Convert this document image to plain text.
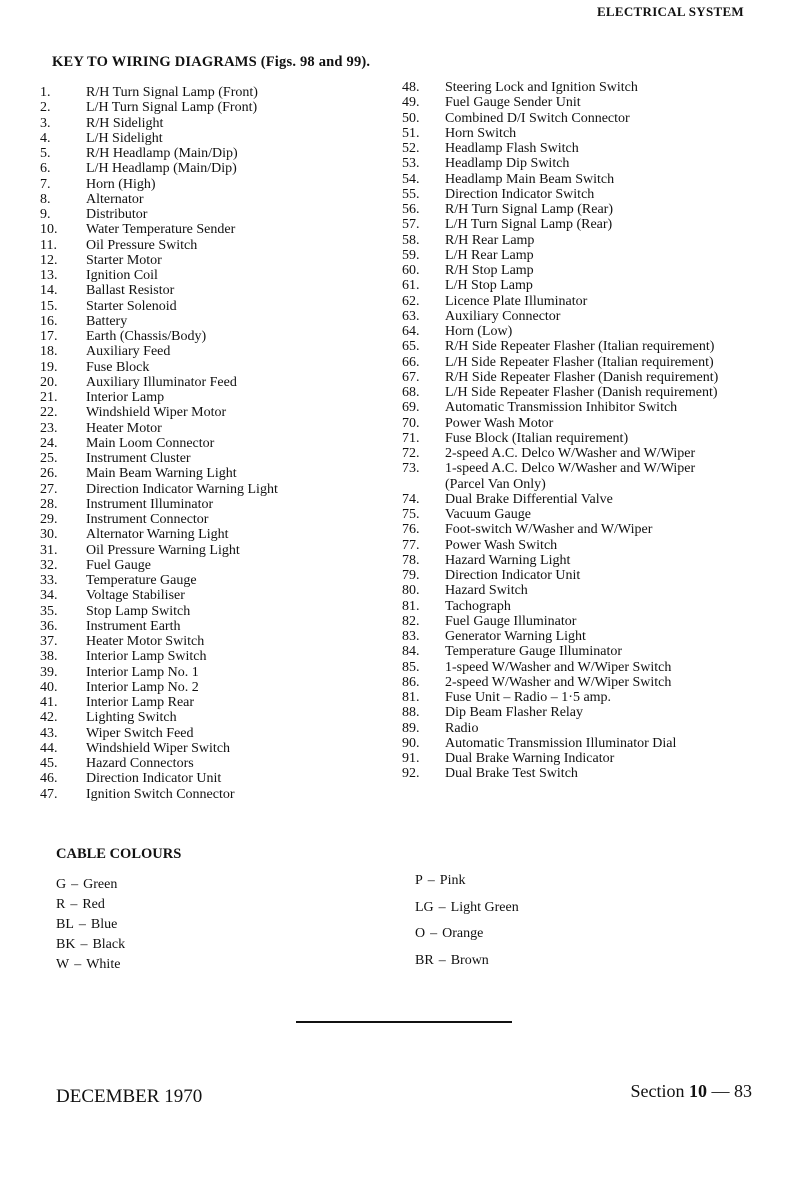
ELECTRICAL SYSTEM
KEY TO WIRING DIAGRAMS (Figs. 98 and 99).
1.	R/H Turn Signal Lamp (Front)
2.	L/H Turn Signal Lamp (Front)
3.	R/H Sidelight
4.	L/H Sidelight
5.	R/H Headlamp (Main/Dip)
6.	L/H Headlamp (Main/Dip)
7.	Horn (High)
8.	Alternator
9.	Distributor
10.	Water Temperature Sender
11.	Oil Pressure Switch
12.	Starter Motor
13.	Ignition Coil
14.	Ballast Resistor
15.	Starter Solenoid
16.	Battery
17.	Earth (Chassis/Body)
18.	Auxiliary Feed
19.	Fuse Block
20.	Auxiliary Illuminator Feed
21.	Interior Lamp
22.	Windshield Wiper Motor
23.	Heater Motor
24.	Main Loom Connector
25.	Instrument Cluster
26.	Main Beam Warning Light
27.	Direction Indicator Warning Light
28.	Instrument Illuminator
29.	Instrument Connector
30.	Alternator Warning Light
31.	Oil Pressure Warning Light
32.	Fuel Gauge
33.	Temperature Gauge
34.	Voltage Stabiliser
35.	Stop Lamp Switch
36.	Instrument Earth
37.	Heater Motor Switch
38.	Interior Lamp Switch
39.	Interior Lamp No. 1
40.	Interior Lamp No. 2
41.	Interior Lamp Rear
42.	Lighting Switch
43.	Wiper Switch Feed
44.	Windshield Wiper Switch
45.	Hazard Connectors
46.	Direction Indicator Unit
47.	Ignition Switch Connector
48.	Steering Lock and Ignition Switch
49.	Fuel Gauge Sender Unit
50.	Combined D/I Switch Connector
51.	Horn Switch
52.	Headlamp Flash Switch
53.	Headlamp Dip Switch
54.	Headlamp Main Beam Switch
55.	Direction Indicator Switch
56.	R/H Turn Signal Lamp (Rear)
57.	L/H Turn Signal Lamp (Rear)
58.	R/H Rear Lamp
59.	L/H Rear Lamp
60.	R/H Stop Lamp
61.	L/H Stop Lamp
62.	Licence Plate Illuminator
63.	Auxiliary Connector
64.	Horn (Low)
65.	R/H Side Repeater Flasher (Italian requirement)
66.	L/H Side Repeater Flasher (Italian requirement)
67.	R/H Side Repeater Flasher (Danish requirement)
68.	L/H Side Repeater Flasher (Danish requirement)
69.	Automatic Transmission Inhibitor Switch
70.	Power Wash Motor
71.	Fuse Block (Italian requirement)
72.	2-speed A.C. Delco W/Washer and W/Wiper
73.	1-speed A.C. Delco W/Washer and W/Wiper
(Parcel Van Only)
74.	Dual Brake Differential Valve
75.	Vacuum Gauge
76.	Foot-switch W/Washer and W/Wiper
77.	Power Wash Switch
78.	Hazard Warning Light
79.	Direction Indicator Unit
80.	Hazard Switch
81.	Tachograph
82.	Fuel Gauge Illuminator
83.	Generator Warning Light
84.	Temperature Gauge Illuminator
85.	1-speed W/Washer and W/Wiper Switch
86.	2-speed W/Washer and W/Wiper Switch
81.	Fuse Unit – Radio – 1·5 amp.
88.	Dip Beam Flasher Relay
89.	Radio
90.	Automatic Transmission Illuminator Dial
91.	Dual Brake Warning Indicator
92.	Dual Brake Test Switch
CABLE COLOURS
G – Green
R – Red
BL – Blue
BK – Black
W – White
P – Pink
LG – Light Green
O – Orange
BR – Brown
DECEMBER 1970	Section 10 — 83
